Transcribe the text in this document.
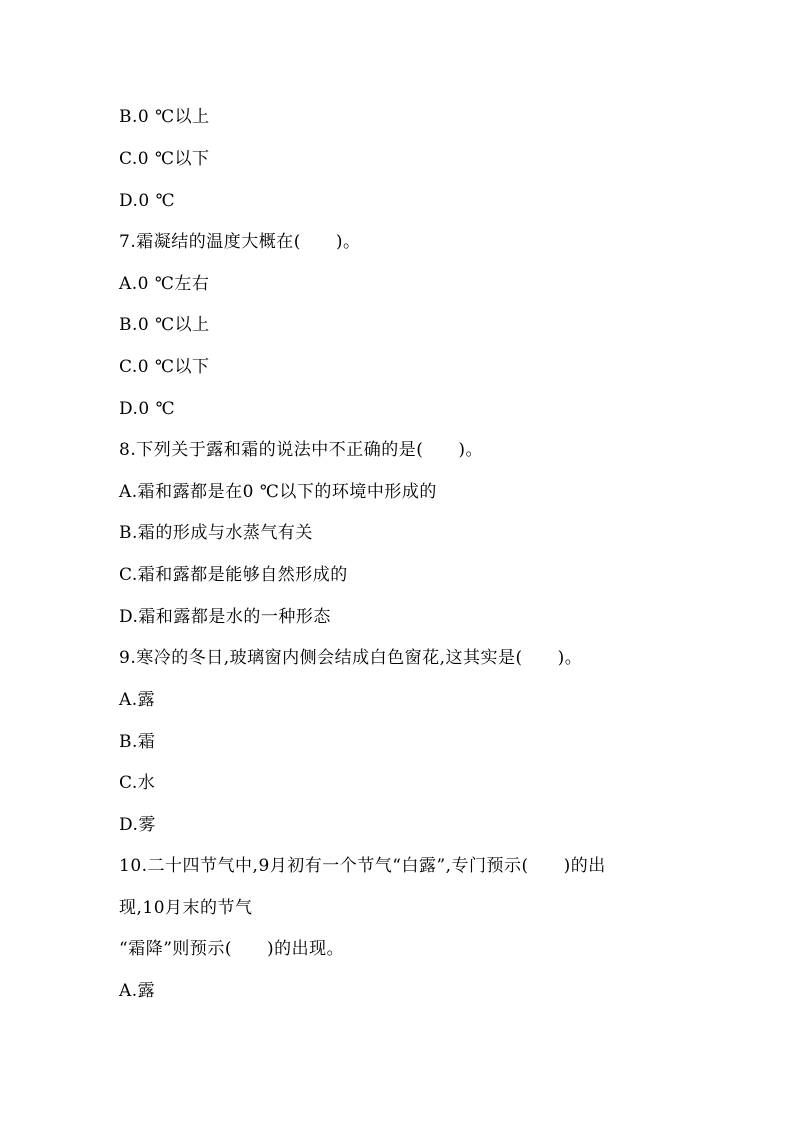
B.0 ℃以上
C.0 ℃以下
D.0 ℃
7.霜凝结的温度大概在(　　)。
A.0 ℃左右
B.0 ℃以上
C.0 ℃以下
D.0 ℃
8.下列关于露和霜的说法中不正确的是(　　)。
A.霜和露都是在0 ℃以下的环境中形成的
B.霜的形成与水蒸气有关
C.霜和露都是能够自然形成的
D.霜和露都是水的一种形态
9.寒冷的冬日,玻璃窗内侧会结成白色窗花,这其实是(　　)。
A.露
B.霜
C.水
D.雾
10.二十四节气中,9月初有一个节气“白露”,专门预示(　　)的出
现,10月末的节气
“霜降”则预示(　　)的出现。
A.露
